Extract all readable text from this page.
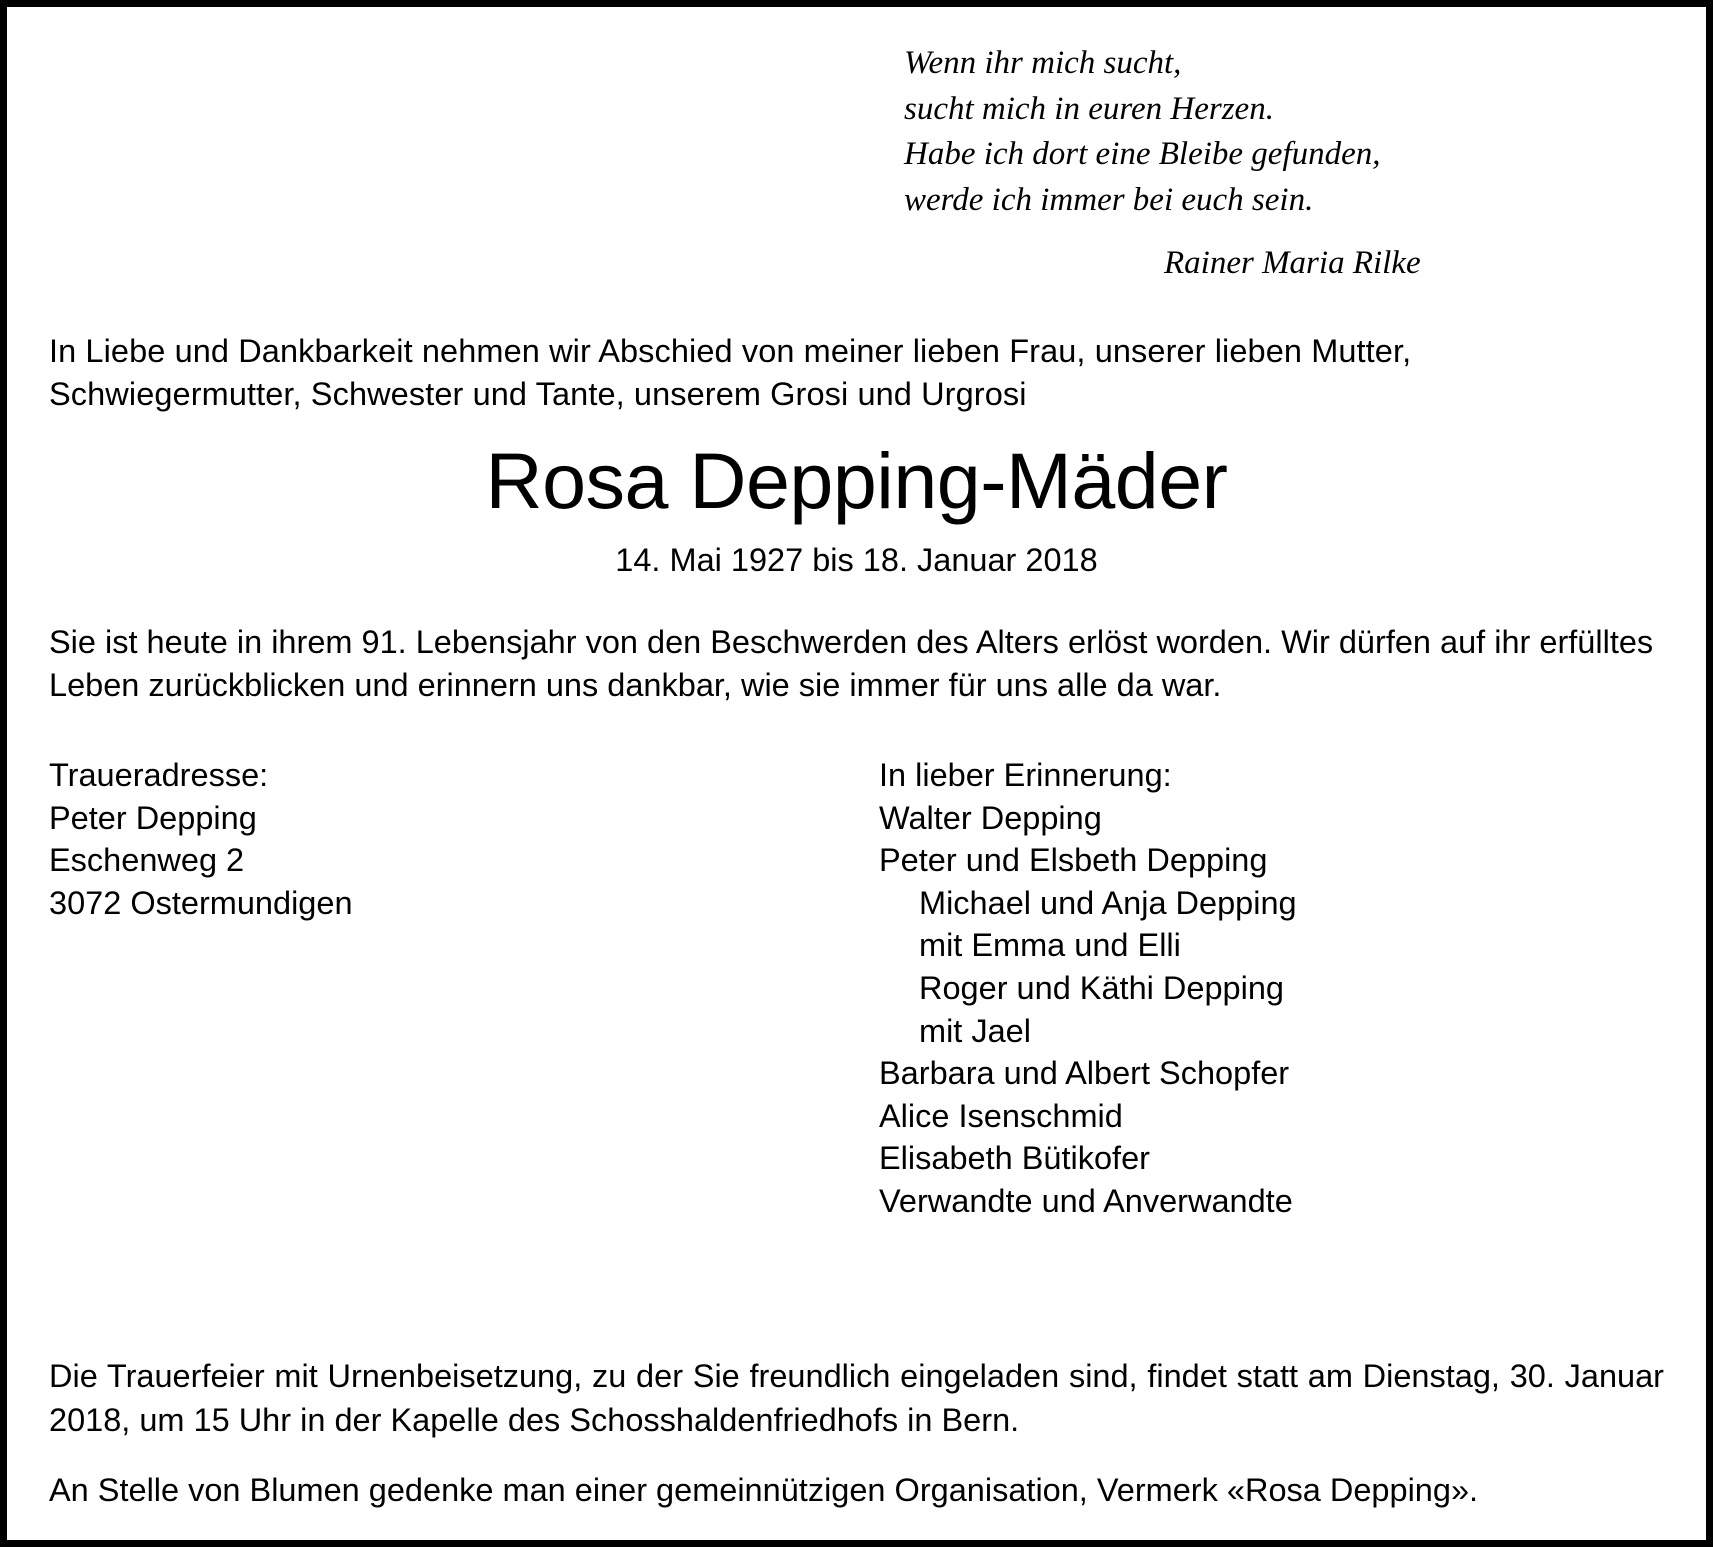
Wenn ihr mich sucht,
sucht mich in euren Herzen.
Habe ich dort eine Bleibe gefunden,
werde ich immer bei euch sein.
Rainer Maria Rilke
In Liebe und Dankbarkeit nehmen wir Abschied von meiner lieben Frau, unserer lieben Mutter, Schwiegermutter, Schwester und Tante, unserem Grosi und Urgrosi
Rosa Depping-Mäder
14. Mai 1927 bis 18. Januar 2018
Sie ist heute in ihrem 91. Lebensjahr von den Beschwerden des Alters erlöst worden. Wir dürfen auf ihr erfülltes Leben zurückblicken und erinnern uns dankbar, wie sie immer für uns alle da war.
Traueradresse:
Peter Depping
Eschenweg 2
3072 Ostermundigen
In lieber Erinnerung:
Walter Depping
Peter und Elsbeth Depping
Michael und Anja Depping
mit Emma und Elli
Roger und Käthi Depping
mit Jael
Barbara und Albert Schopfer
Alice Isenschmid
Elisabeth Bütikofer
Verwandte und Anverwandte

Die Trauerfeier mit Urnenbeisetzung, zu der Sie freundlich eingeladen sind, findet statt am Dienstag, 30. Januar 2018, um 15 Uhr in der Kapelle des Schosshaldenfriedhofs in Bern.

An Stelle von Blumen gedenke man einer gemeinnützigen Organisation, Vermerk «Rosa Depping».
